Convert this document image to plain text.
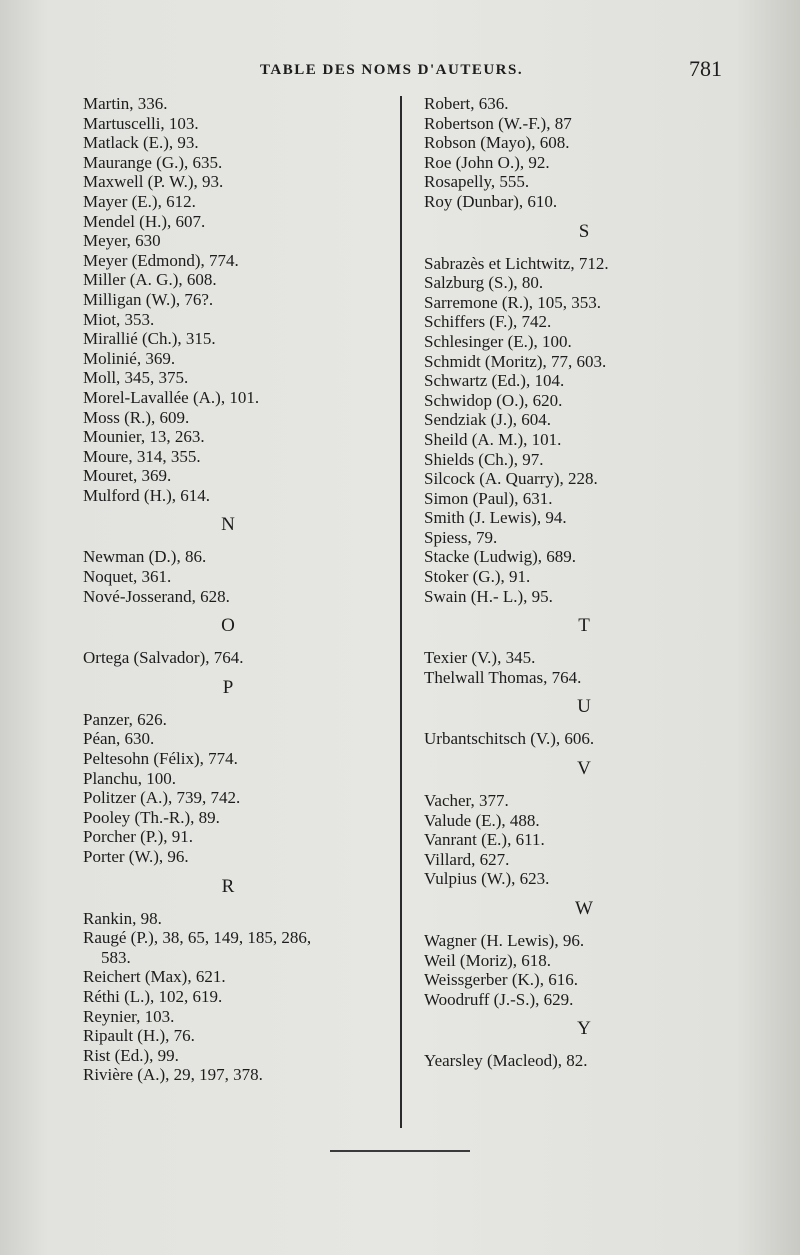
TABLE DES NOMS D'AUTEURS.	781
Martin, 336.
Martuscelli, 103.
Matlack (E.), 93.
Maurange (G.), 635.
Maxwell (P. W.), 93.
Mayer (E.), 612.
Mendel (H.), 607.
Meyer, 630
Meyer (Edmond), 774.
Miller (A. G.), 608.
Milligan (W.), 76?.
Miot, 353.
Mirallié (Ch.), 315.
Molinié, 369.
Moll, 345, 375.
Morel-Lavallée (A.), 101.
Moss (R.), 609.
Mounier, 13, 263.
Moure, 314, 355.
Mouret, 369.
Mulford (H.), 614.
N
Newman (D.), 86.
Noquet, 361.
Nové-Josserand, 628.
O
Ortega (Salvador), 764.
P
Panzer, 626.
Péan, 630.
Peltesohn (Félix), 774.
Planchu, 100.
Politzer (A.), 739, 742.
Pooley (Th.-R.), 89.
Porcher (P.), 91.
Porter (W.), 96.
R
Rankin, 98.
Raugé (P.), 38, 65, 149, 185, 286,
583.
Reichert (Max), 621.
Réthi (L.), 102, 619.
Reynier, 103.
Ripault (H.), 76.
Rist (Ed.), 99.
Rivière (A.), 29, 197, 378.
Robert, 636.
Robertson (W.-F.), 87
Robson (Mayo), 608.
Roe (John O.), 92.
Rosapelly, 555.
Roy (Dunbar), 610.
S
Sabrazès et Lichtwitz, 712.
Salzburg (S.), 80.
Sarremone (R.), 105, 353.
Schiffers (F.), 742.
Schlesinger (E.), 100.
Schmidt (Moritz), 77, 603.
Schwartz (Ed.), 104.
Schwidop (O.), 620.
Sendziak (J.), 604.
Sheild (A. M.), 101.
Shields (Ch.), 97.
Silcock (A. Quarry), 228.
Simon (Paul), 631.
Smith (J. Lewis), 94.
Spiess, 79.
Stacke (Ludwig), 689.
Stoker (G.), 91.
Swain (H.- L.), 95.
T
Texier (V.), 345.
Thelwall Thomas, 764.
U
Urbantschitsch (V.), 606.
V
Vacher, 377.
Valude (E.), 488.
Vanrant (E.), 611.
Villard, 627.
Vulpius (W.), 623.
W
Wagner (H. Lewis), 96.
Weil (Moriz), 618.
Weissgerber (K.), 616.
Woodruff (J.-S.), 629.
Y
Yearsley (Macleod), 82.
